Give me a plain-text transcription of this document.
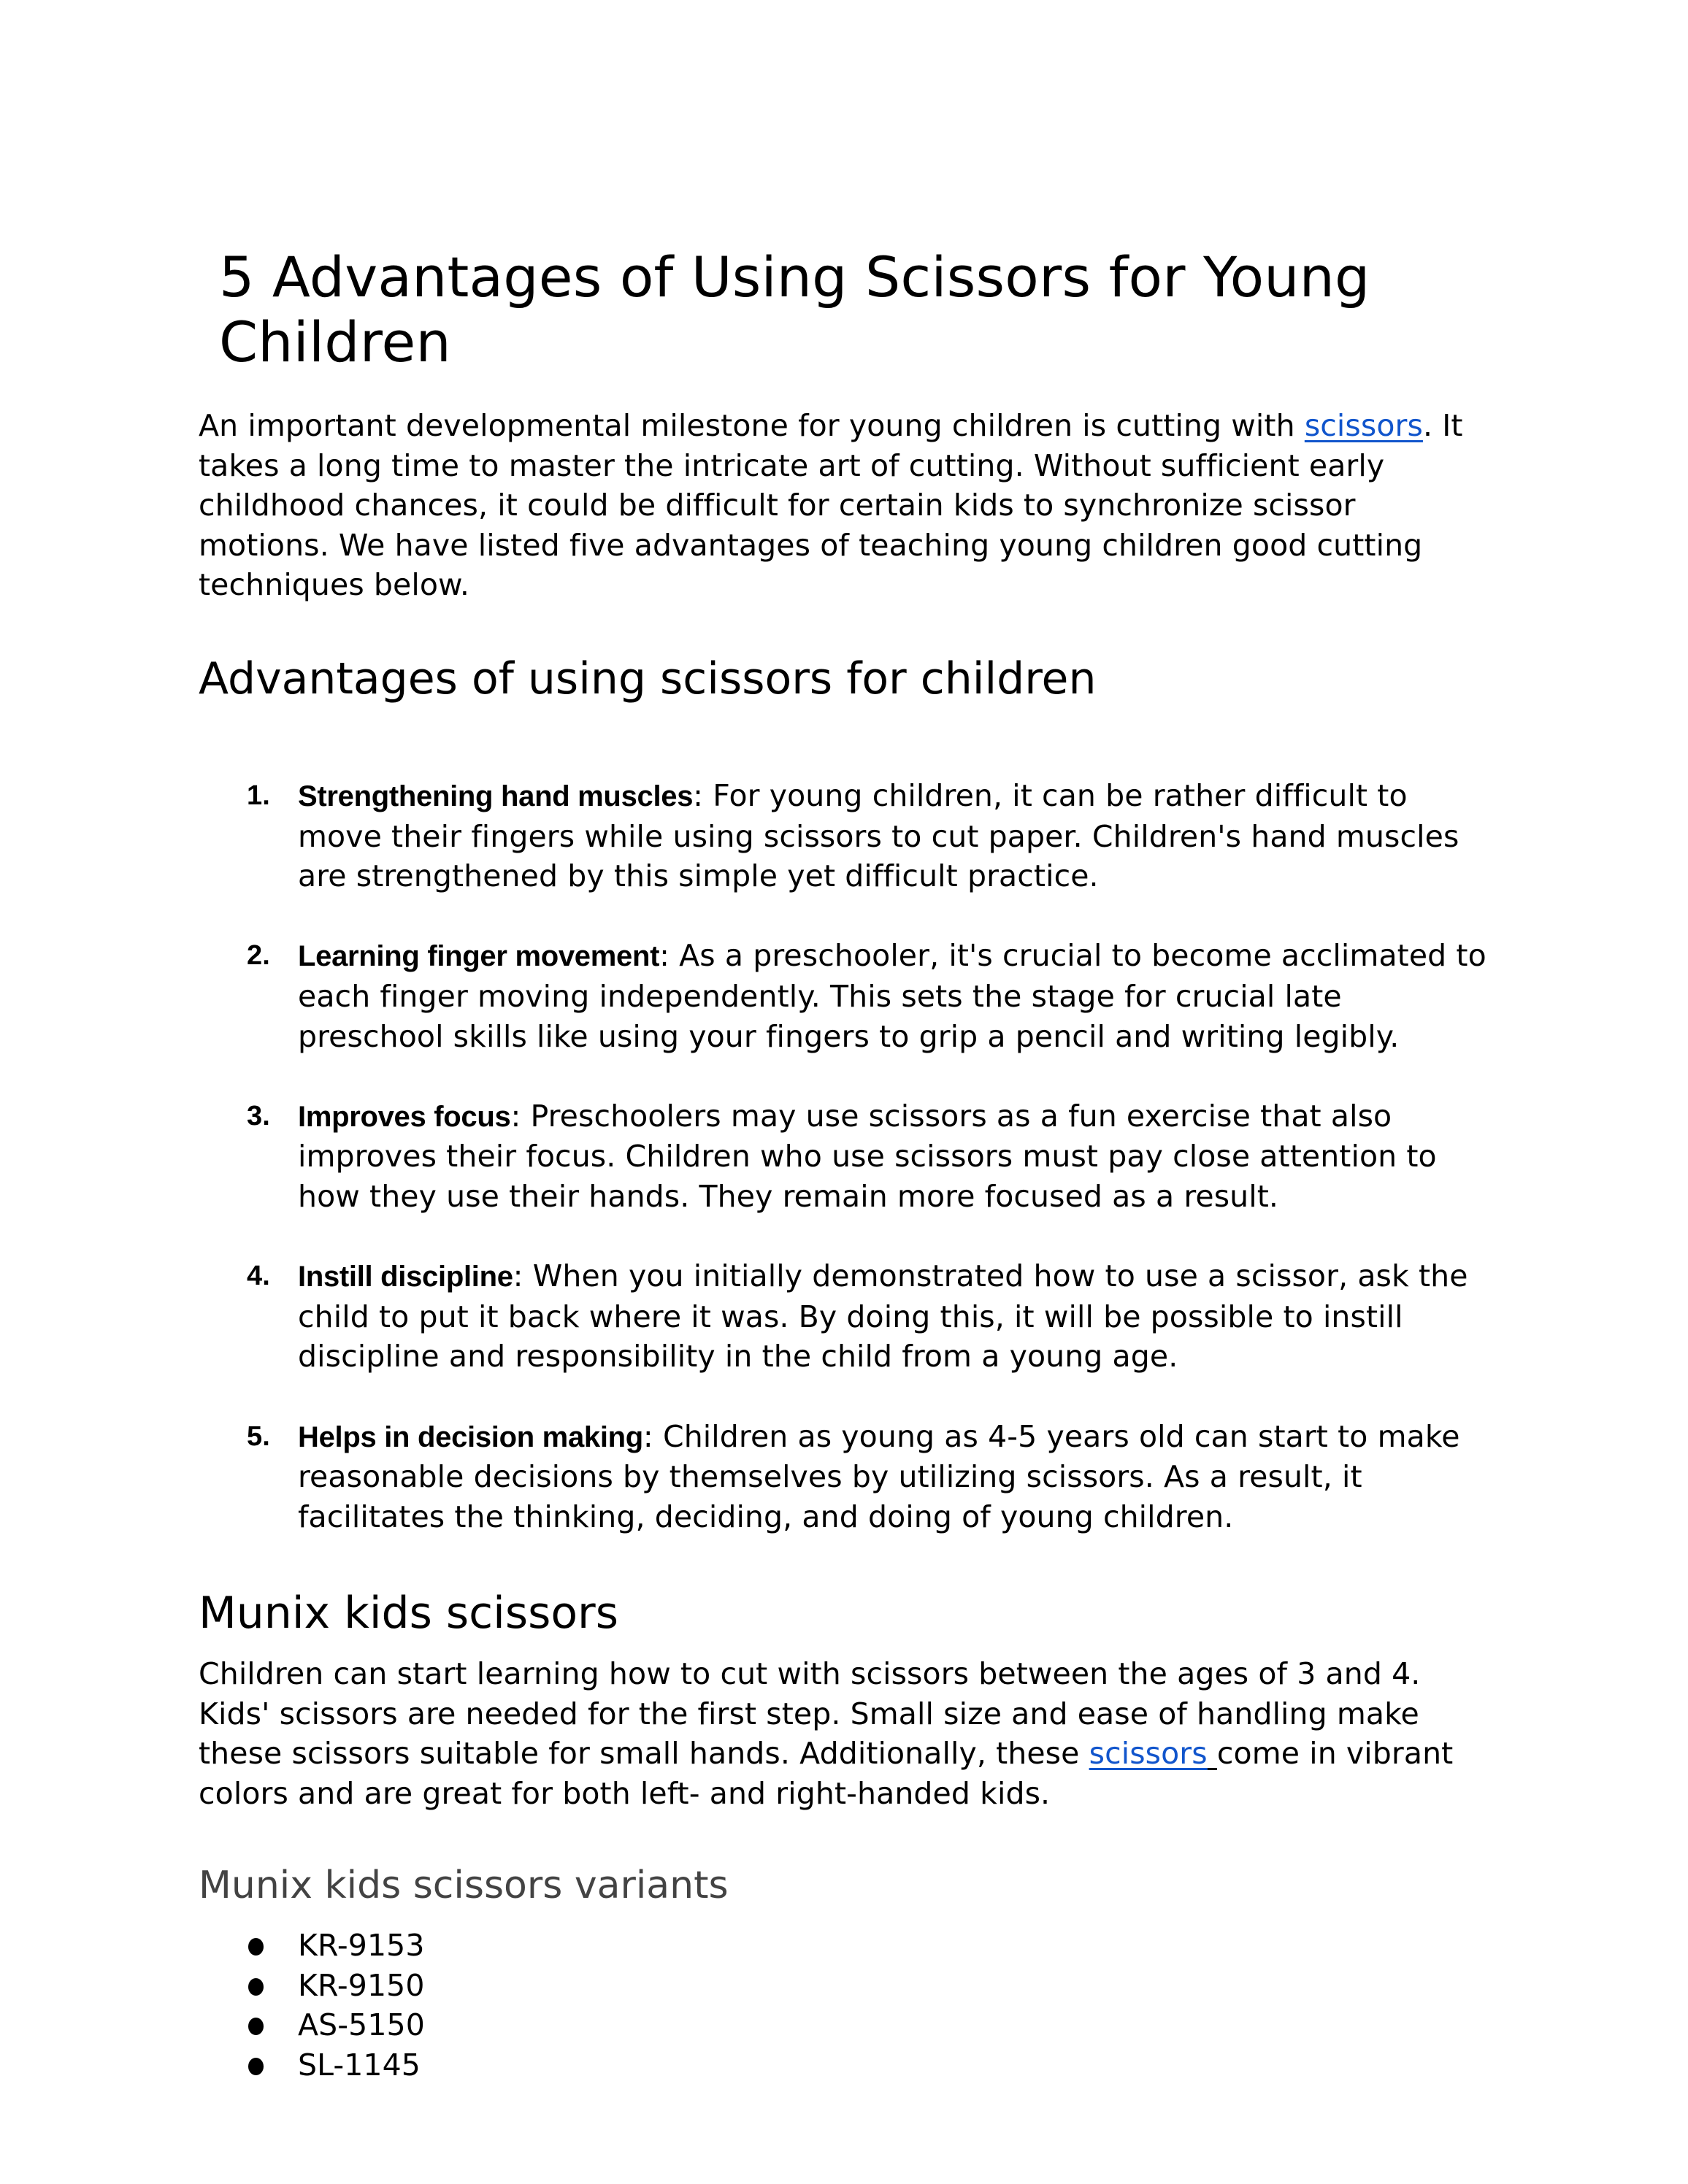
5 Advantages of Using Scissors for Young Children

An important developmental milestone for young children is cutting with scissors. It takes a long time to master the intricate art of cutting. Without sufficient early childhood chances, it could be difficult for certain kids to synchronize scissor motions. We have listed five advantages of teaching young children good cutting techniques below.

Advantages of using scissors for children
1. Strengthening hand muscles: For young children, it can be rather difficult to move their fingers while using scissors to cut paper. Children's hand muscles are strengthened by this simple yet difficult practice.
2. Learning finger movement: As a preschooler, it's crucial to become acclimated to each finger moving independently. This sets the stage for crucial late preschool skills like using your fingers to grip a pencil and writing legibly.
3. Improves focus: Preschoolers may use scissors as a fun exercise that also improves their focus. Children who use scissors must pay close attention to how they use their hands. They remain more focused as a result.
4. Instill discipline: When you initially demonstrated how to use a scissor, ask the child to put it back where it was. By doing this, it will be possible to instill discipline and responsibility in the child from a young age.
5. Helps in decision making: Children as young as 4-5 years old can start to make reasonable decisions by themselves by utilizing scissors. As a result, it facilitates the thinking, deciding, and doing of young children.
Munix kids scissors

Children can start learning how to cut with scissors between the ages of 3 and 4. Kids' scissors are needed for the first step. Small size and ease of handling make these scissors suitable for small hands. Additionally, these scissors come in vibrant colors and are great for both left- and right-handed kids.

Munix kids scissors variants
KR-9153
KR-9150
AS-5150
SL-1145
